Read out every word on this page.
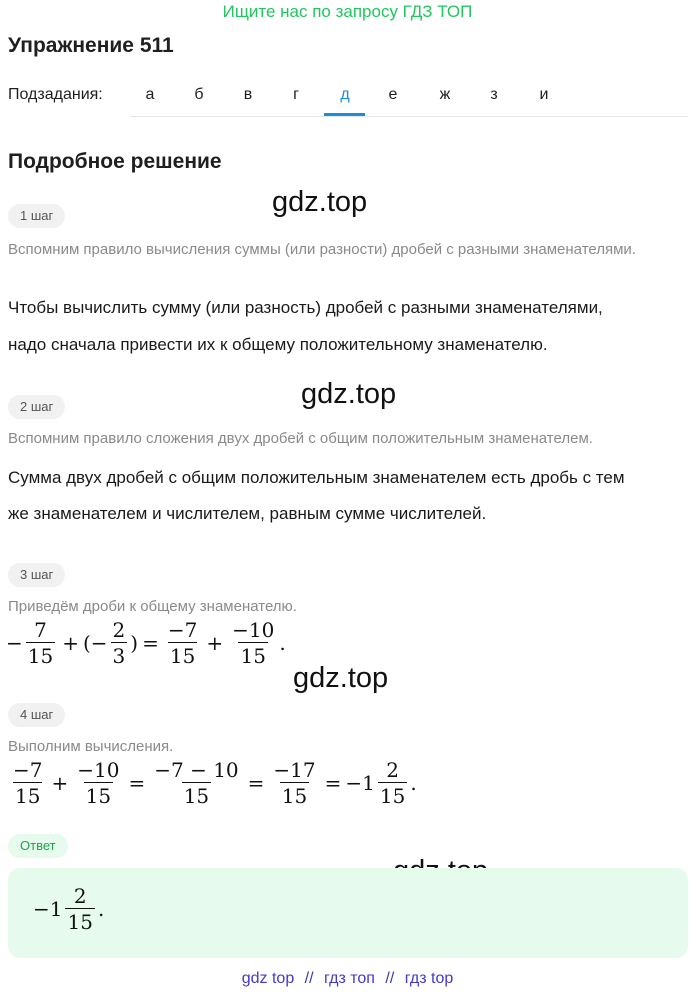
Ищите нас по запросу ГДЗ ТОП
Упражнение 511
Подзадания:	а	б	в	г	д	е	ж	з	и
Подробное решение
gdz.top
gdz.top
gdz.top
1 шаг
Вспомним правило вычисления суммы (или разности) дробей с разными знаменателями.
Чтобы вычислить сумму (или разность) дробей с разными знаменателями,
надо сначала привести их к общему положительному знаменателю.
2 шаг
Вспомним правило сложения двух дробей с общим положительным знаменателем.
Сумма двух дробей с общим положительным знаменателем есть дробь с тем
же знаменателем и числителем, равным сумме числителей.
3 шаг
Приведём дроби к общему знаменателю.
− $\frac{7}{15}$ + (− $\frac{2}{3}$ ) = $\frac{-7}{15} + \frac{-10}{15}$ .
4 шаг
Выполним вычисления.
$\frac{-7}{15} + \frac{-10}{15} = \frac{-7 - 10}{15} = \frac{-17}{15} = -1 \frac{2}{15}$ .
Ответ
$-1 \frac{2}{15}$ .
gdz top // гдз топ // гдз top
